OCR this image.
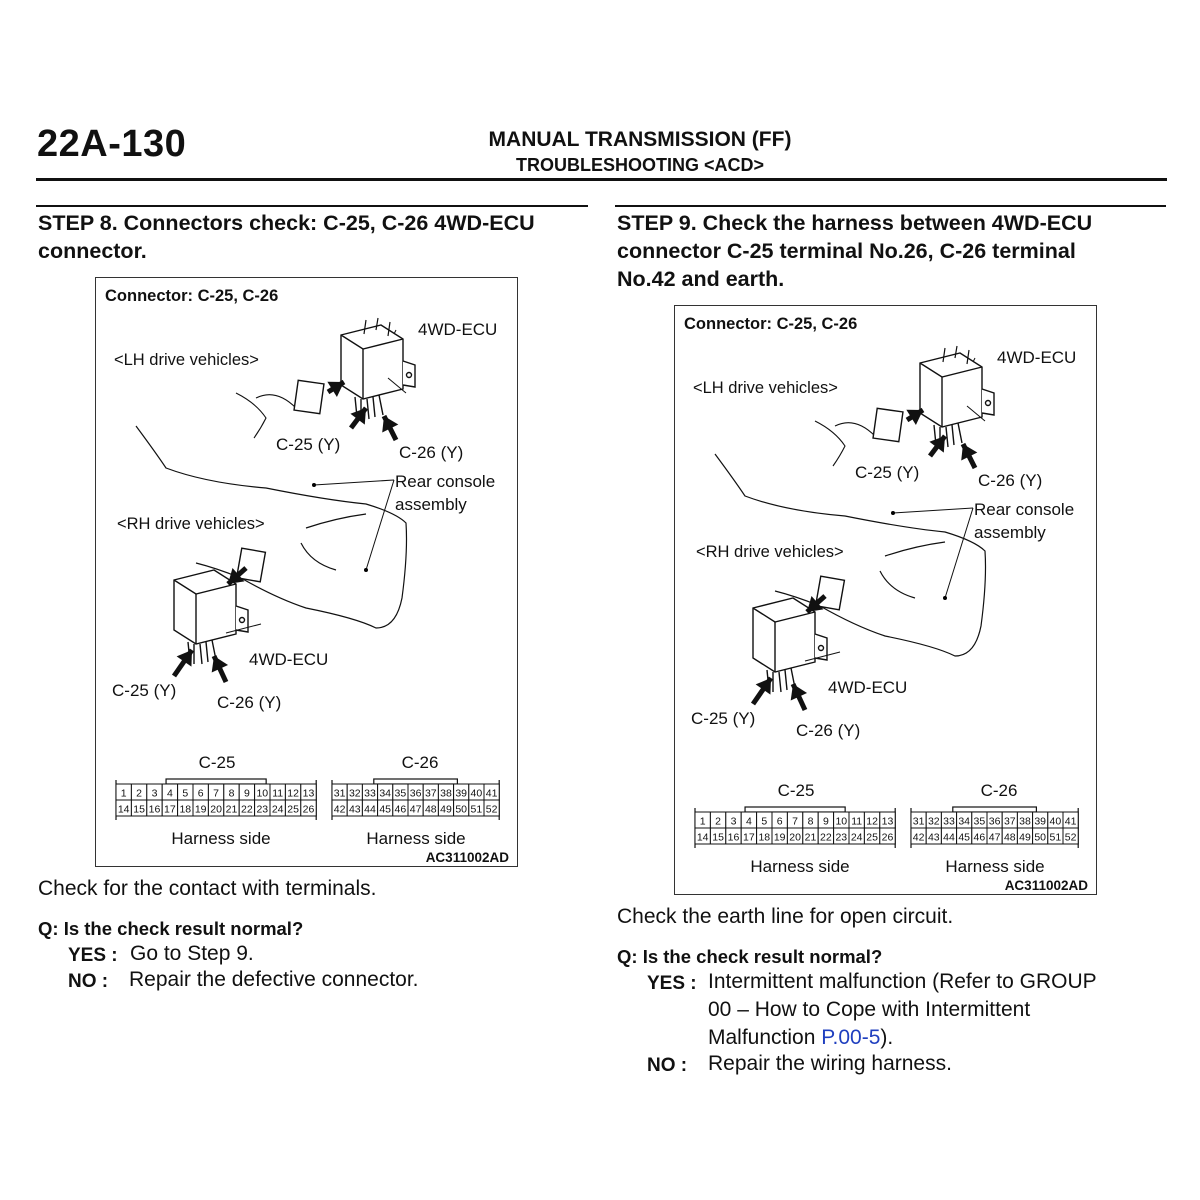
22A-130	MANUAL TRANSMISSION (FF)
TROUBLESHOOTING <ACD>
STEP 8. Connectors check: C-25, C-26 4WD-ECU
connector.
Connector: C-25, C-26
4WD-ECU
<LH drive vehicles>
C-25 (Y)	C-26 (Y)
Rear console
assembly
<RH drive vehicles>
4WD-ECU
C-25 (Y)
C-26 (Y)
C-25	C-26
1 2 3 4 5 6 7 8 9 10 11 12 13
14 15 16 17 18 19 20 21 22 23 24 25 26
31 32 33 34 35 36 37 38 39 40 41
42 43 44 45 46 47 48 49 50 51 52
Harness side	Harness side
AC311002AD
Check for the contact with terminals.
Q: Is the check result normal?
YES : Go to Step 9.
NO : Repair the defective connector.
STEP 9. Check the harness between 4WD-ECU
connector C-25 terminal No.26, C-26 terminal
No.42 and earth.
Connector: C-25, C-26
4WD-ECU
<LH drive vehicles>
C-25 (Y)	C-26 (Y)
Rear console
assembly
<RH drive vehicles>
4WD-ECU
C-25 (Y)
C-26 (Y)
C-25	C-26
1 2 3 4 5 6 7 8 9 10 11 12 13
14 15 16 17 18 19 20 21 22 23 24 25 26
31 32 33 34 35 36 37 38 39 40 41
42 43 44 45 46 47 48 49 50 51 52
Harness side	Harness side
AC311002AD
Check the earth line for open circuit.
Q: Is the check result normal?
YES : Intermittent malfunction (Refer to GROUP
00 – How to Cope with Intermittent
Malfunction P.00-5).
NO : Repair the wiring harness.
